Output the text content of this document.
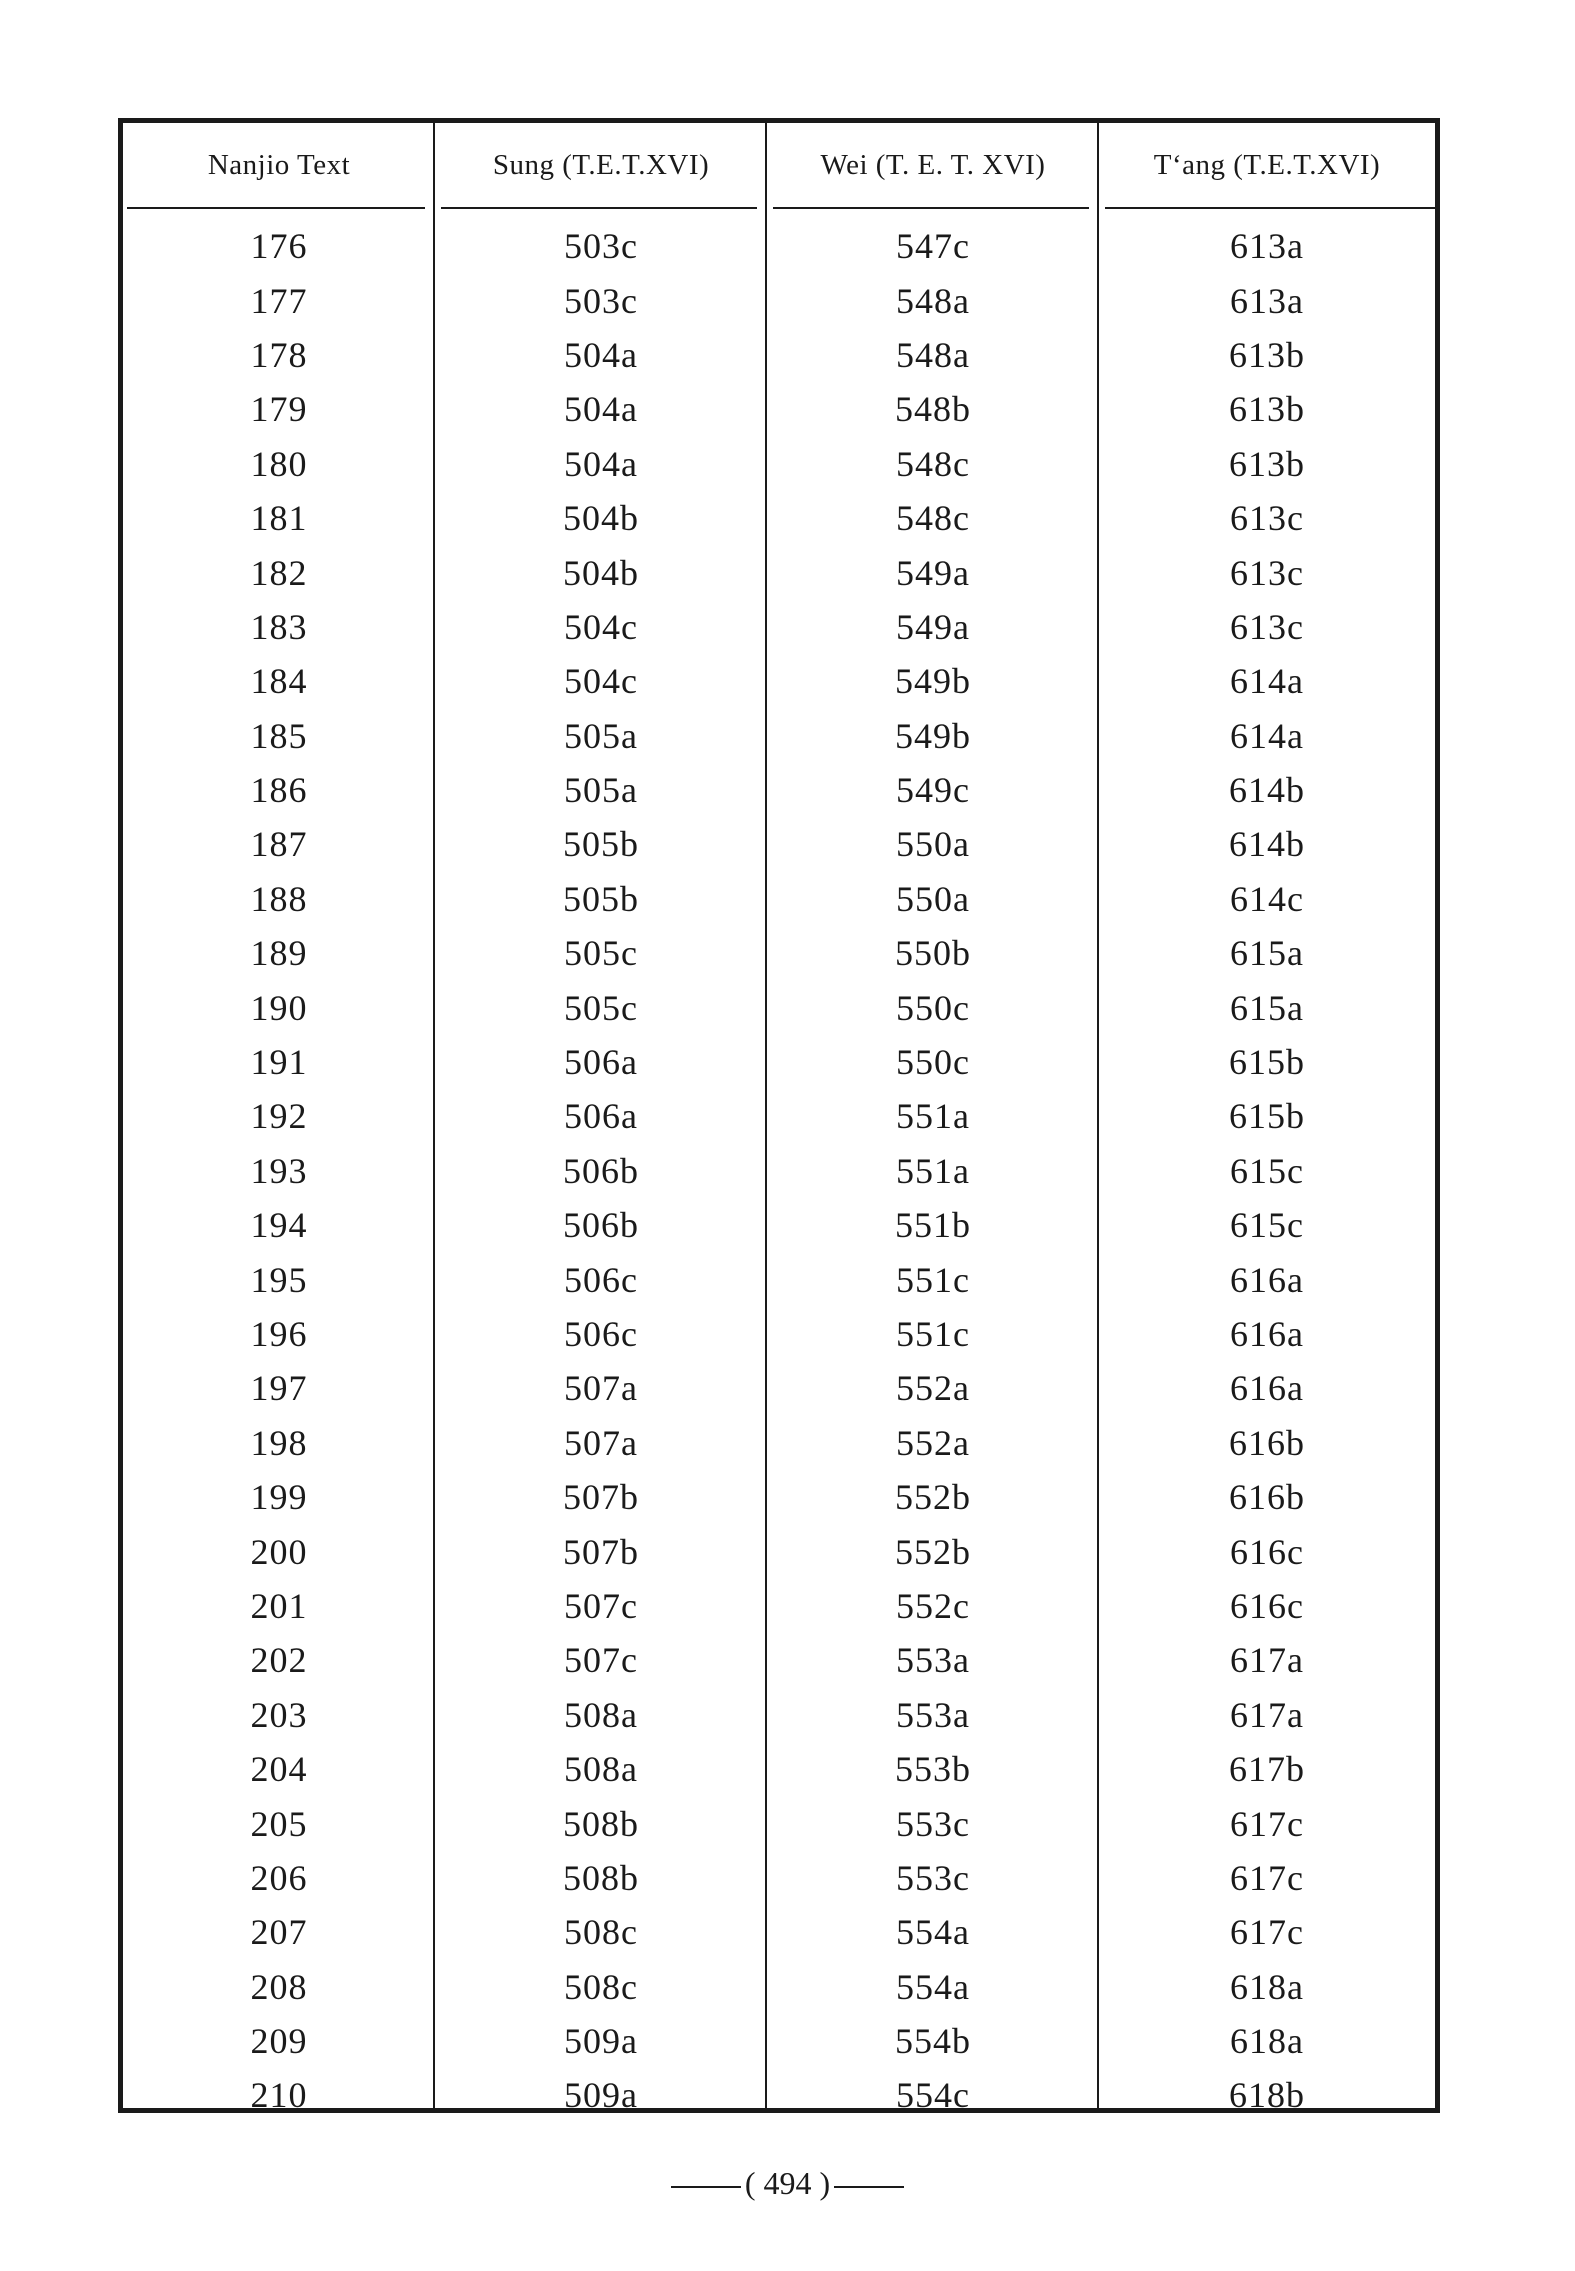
Nanjio Text	Sung (T.E.T.XVI)	Wei (T. E. T. XVI)	T‘ang (T.E.T.XVI)
176	503c	547c	613a
177	503c	548a	613a
178	504a	548a	613b
179	504a	548b	613b
180	504a	548c	613b
181	504b	548c	613c
182	504b	549a	613c
183	504c	549a	613c
184	504c	549b	614a
185	505a	549b	614a
186	505a	549c	614b
187	505b	550a	614b
188	505b	550a	614c
189	505c	550b	615a
190	505c	550c	615a
191	506a	550c	615b
192	506a	551a	615b
193	506b	551a	615c
194	506b	551b	615c
195	506c	551c	616a
196	506c	551c	616a
197	507a	552a	616a
198	507a	552a	616b
199	507b	552b	616b
200	507b	552b	616c
201	507c	552c	616c
202	507c	553a	617a
203	508a	553a	617a
204	508a	553b	617b
205	508b	553c	617c
206	508b	553c	617c
207	508c	554a	617c
208	508c	554a	618a
209	509a	554b	618a
210	509a	554c	618b
( 494 )
